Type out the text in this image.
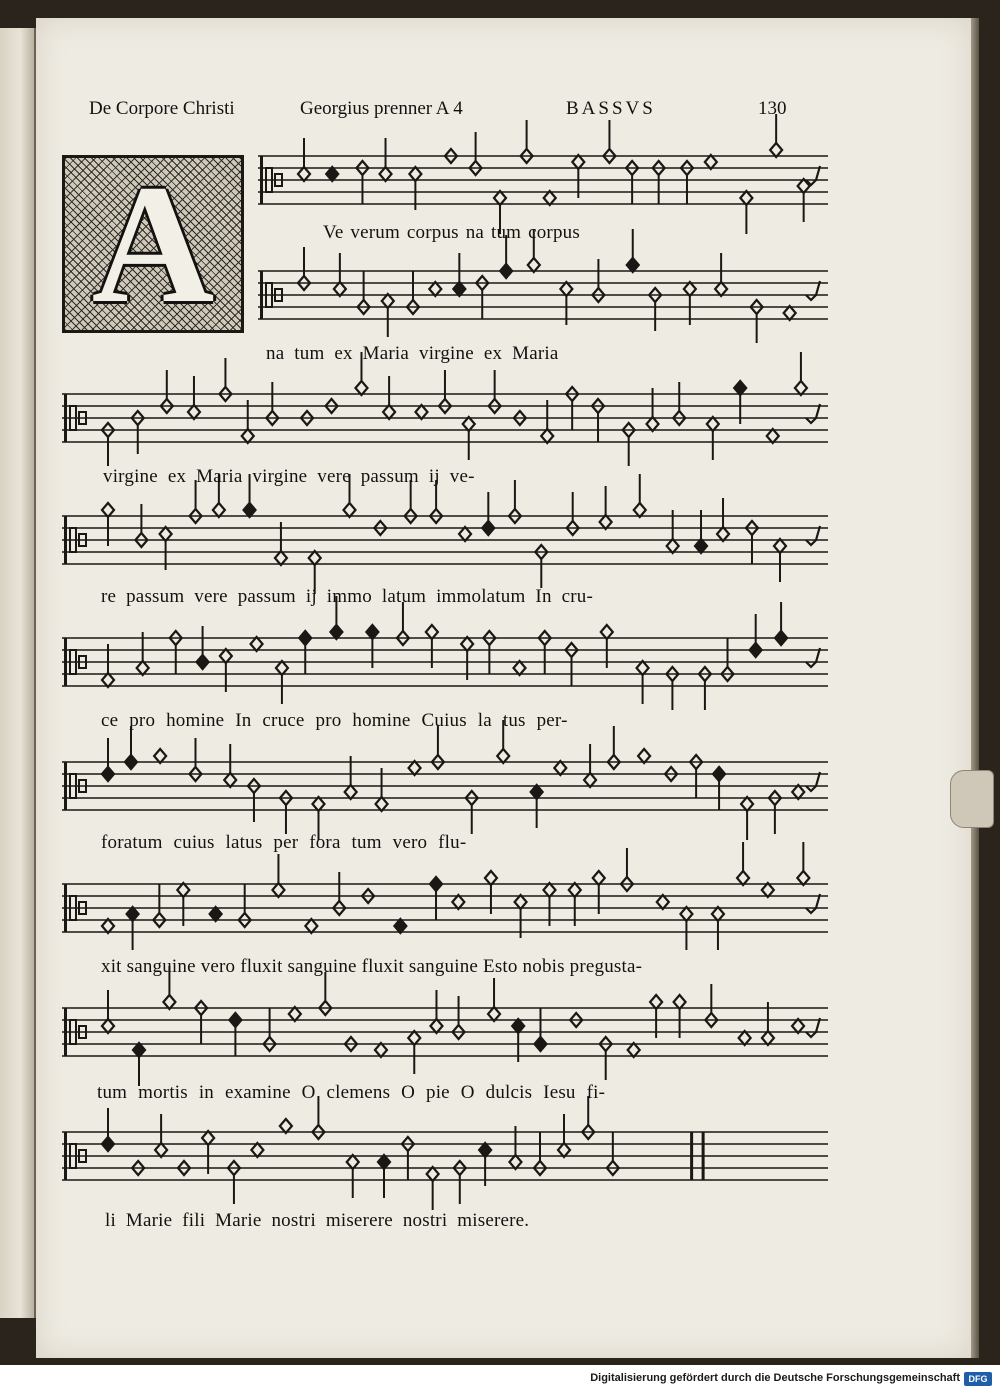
De Corpore Christi	Georgius prenner A 4	BASSVS	130
A	Ve verum corpus na tum corpus
na tum ex Maria virgine ex Maria
virgine ex Maria virgine vere passum ij ve-
re passum vere passum ij immo latum immolatum In cru-
ce pro homine In cruce pro homine Cuius la tus per-
foratum cuius latus per fora tum vero flu-
xit sanguine vero fluxit sanguine fluxit sanguine Esto nobis pregusta-
tum mortis in examine O clemens O pie O dulcis Iesu fi-
li Marie fili Marie nostri miserere nostri miserere.
Digitalisierung gefördert durch die Deutsche Forschungsgemeinschaft DFG
